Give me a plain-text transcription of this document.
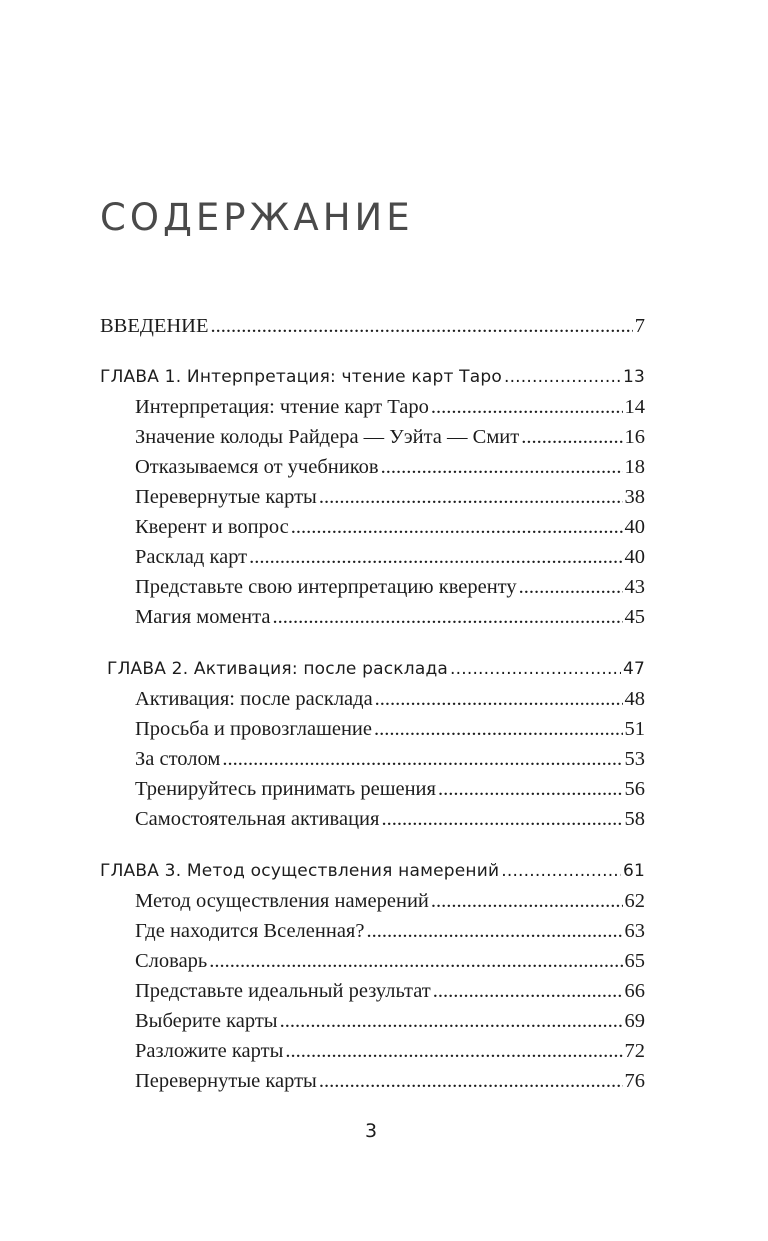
СОДЕРЖАНИЕ
ВВЕДЕНИЕ .....	7
ГЛАВА 1. Интерпретация: чтение карт Таро .....	13
Интерпретация: чтение карт Таро .....	14
Значение колоды Райдера — Уэйта — Смит .....	16
Отказываемся от учебников .....	18
Перевернутые карты .....	38
Кверент и вопрос .....	40
Расклад карт .....	40
Представьте свою интерпретацию кверенту .....	43
Магия момента .....	45
ГЛАВА 2. Активация: после расклада .....	47
Активация: после расклада .....	48
Просьба и провозглашение .....	51
За столом .....	53
Тренируйтесь принимать решения .....	56
Самостоятельная активация .....	58
ГЛАВА 3. Метод осуществления намерений .....	61
Метод осуществления намерений .....	62
Где находится Вселенная? .....	63
Словарь .....	65
Представьте идеальный результат .....	66
Выберите карты .....	69
Разложите карты .....	72
Перевернутые карты .....	76
3
